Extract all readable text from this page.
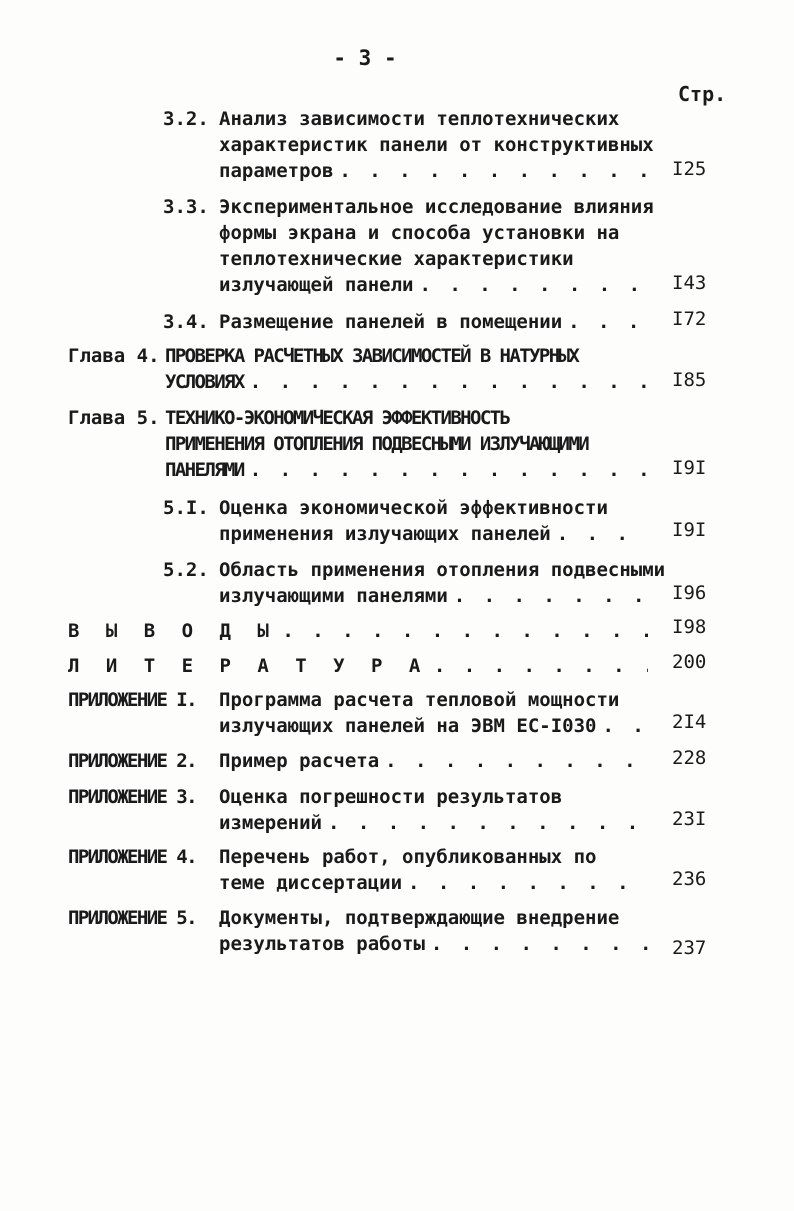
- 3 -
Стр.
3.2. Анализ зависимости теплотехнических
характеристик панели от конструктивных
параметров . . .	I25
3.3. Экспериментальное исследование влияния
формы экрана и способа установки на
теплотехнические характеристики
излучающей панели . . .	I43
3.4. Размещение панелей в помещении . . .	I72
Глава 4. ПРОВЕРКА РАСЧЕТНЫХ ЗАВИСИМОСТЕЙ В НАТУРНЫХ
УСЛОВИЯХ . . .	I85
Глава 5. ТЕХНИКО-ЭКОНОМИЧЕСКАЯ ЭФФЕКТИВНОСТЬ
ПРИМЕНЕНИЯ ОТОПЛЕНИЯ ПОДВЕСНЫМИ ИЗЛУЧАЮЩИМИ
ПАНЕЛЯМИ . . .	I9I
5.I. Оценка экономической эффективности
применения излучающих панелей . . .	I9I
5.2. Область применения отопления подвесными
излучающими панелями . . .	I96
В Ы В О Д Ы . . .	I98
Л И Т Е Р А Т У Р А . . .	200
ПРИЛОЖЕНИЕ I. Программа расчета тепловой мощности
излучающих панелей на ЭВМ ЕС-I030 . . .	2I4
ПРИЛОЖЕНИЕ 2. Пример расчета . . .	228
ПРИЛОЖЕНИЕ 3. Оценка погрешности результатов
измерений . . .	23I
ПРИЛОЖЕНИЕ 4. Перечень работ, опубликованных по
теме диссертации . . .	236
ПРИЛОЖЕНИЕ 5. Документы, подтверждающие внедрение
результатов работы . . .	237
